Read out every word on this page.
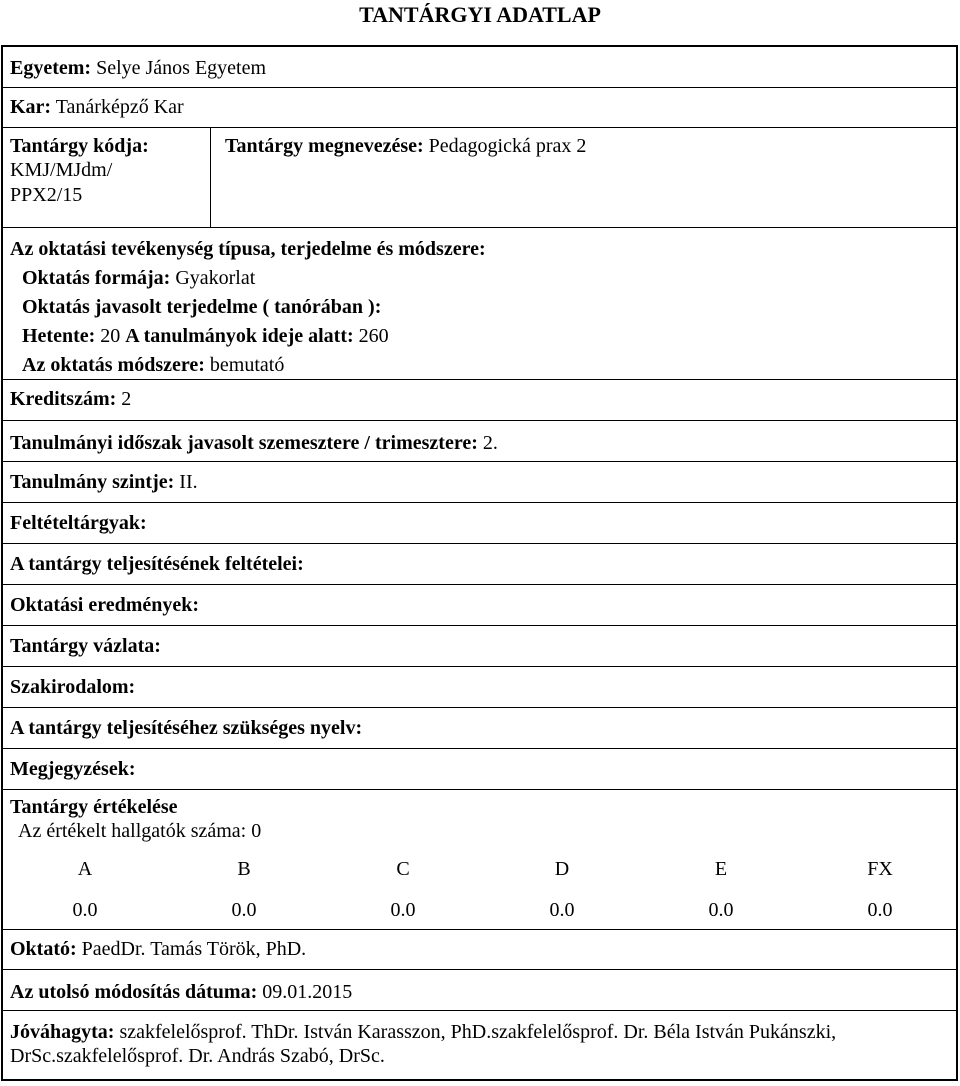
TANTÁRGYI ADATLAP
Egyetem: Selye János Egyetem
Kar: Tanárképző Kar
Tantárgy kódja:
KMJ/MJdm/
PPX2/15
Tantárgy megnevezése: Pedagogická prax 2
Az oktatási tevékenység típusa, terjedelme és módszere:
Oktatás formája: Gyakorlat
Oktatás javasolt terjedelme ( tanórában ):
Hetente: 20 A tanulmányok ideje alatt: 260
Az oktatás módszere: bemutató
Kreditszám: 2
Tanulmányi időszak javasolt szemesztere / trimesztere: 2.
Tanulmány szintje: II.
Feltételtárgyak:
A tantárgy teljesítésének feltételei:
Oktatási eredmények:
Tantárgy vázlata:
Szakirodalom:
A tantárgy teljesítéséhez szükséges nyelv:
Megjegyzések:
Tantárgy értékelése
Az értékelt hallgatók száma: 0
A	B	C	D	E	FX
0.0	0.0	0.0	0.0	0.0	0.0
Oktató: PaedDr. Tamás Török, PhD.
Az utolsó módosítás dátuma: 09.01.2015
Jóváhagyta: szakfelelősprof. ThDr. István Karasszon, PhD.szakfelelősprof. Dr. Béla István Pukánszki, DrSc.szakfelelősprof. Dr. András Szabó, DrSc.
